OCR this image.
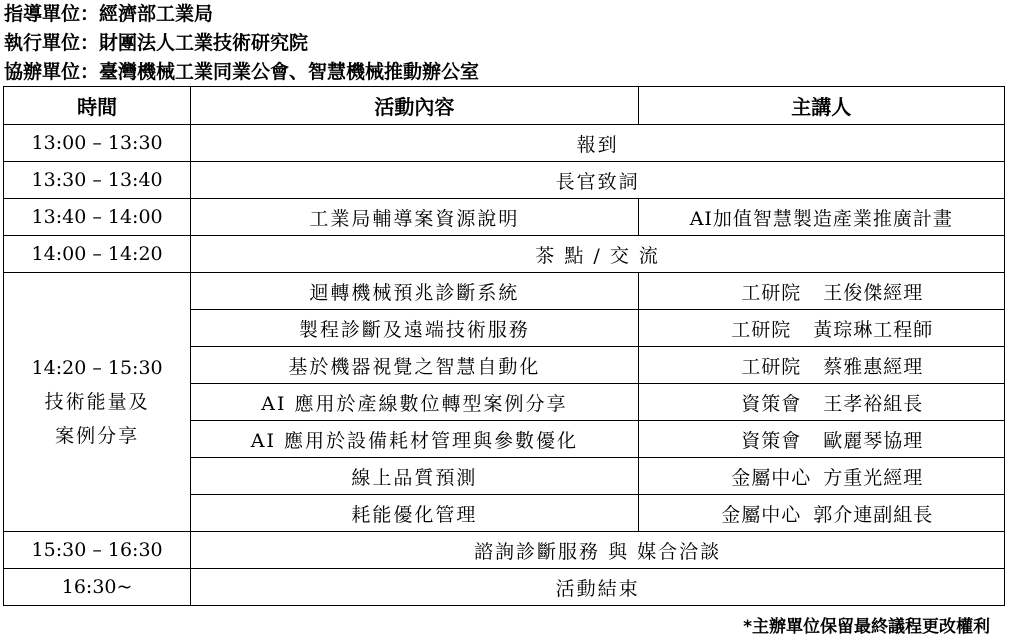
指導單位：經濟部工業局
執行單位：財團法人工業技術研究院
協辦單位：臺灣機械工業同業公會、智慧機械推動辦公室
時間	活動內容	主講人
13:00 – 13:30	報到	
13:30 – 13:40	長官致詞	
13:40 – 14:00	工業局輔導案資源說明	AI加值智慧製造產業推廣計畫
14:00 – 14:20	茶 點 / 交 流	

14:20 – 15:30
技術能量及
案例分享	迴轉機械預兆診斷系統	工研院 王俊傑經理
	製程診斷及遠端技術服務	工研院 黃琮琳工程師
	基於機器視覺之智慧自動化	工研院 蔡雅惠經理
	AI 應用於產線數位轉型案例分享	資策會 王孝裕組長
	AI 應用於設備耗材管理與參數優化	資策會 歐麗琴協理
	線上品質預測	金屬中心 方重光經理
	耗能優化管理	金屬中心 郭介連副組長
15:30 – 16:30	諮詢診斷服務 與 媒合洽談	
16:30~	活動結束	
*主辦單位保留最終議程更改權利
